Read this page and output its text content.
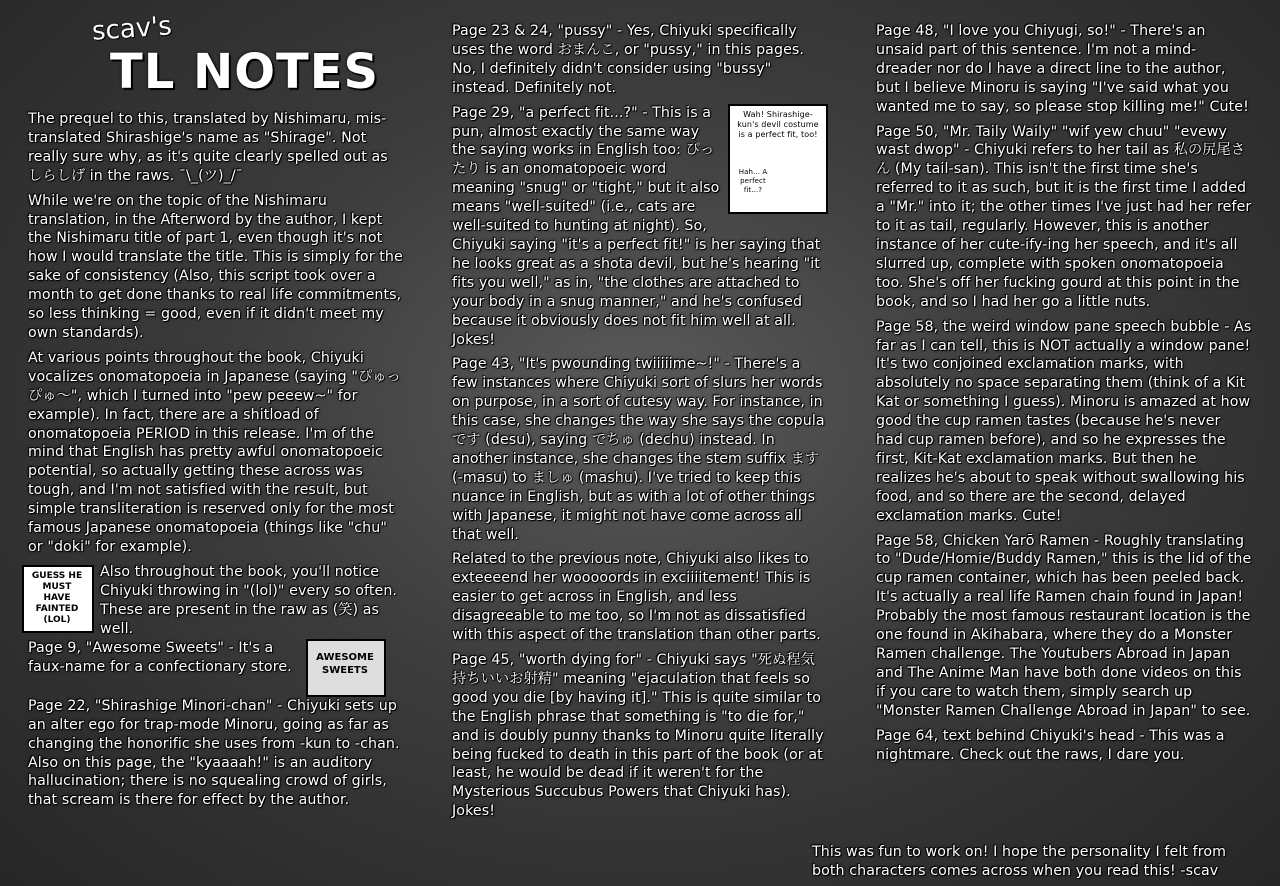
scav's
TL NOTES

The prequel to this, translated by Nishimaru, mis-translated Shirashige's name as "Shirage". Not really sure why, as it's quite clearly spelled out as しらしげ in the raws. ¯\_(ツ)_/¯

While we're on the topic of the Nishimaru translation, in the Afterword by the author, I kept the Nishimaru title of part 1, even though it's not how I would translate the title. This is simply for the sake of consistency (Also, this script took over a month to get done thanks to real life commitments, so less thinking = good, even if it didn't meet my own standards).

At various points throughout the book, Chiyuki vocalizes onomatopoeia in Japanese (saying "ぴゅっぴゅ〜", which I turned into "pew peeew~" for example). In fact, there are a shitload of onomatopoeia PERIOD in this release. I'm of the mind that English has pretty awful onomatopoeic potential, so actually getting these across was tough, and I'm not satisfied with the result, but simple transliteration is reserved only for the most famous Japanese onomatopoeia (things like "chu" or "doki" for example).

GUESS HE MUST HAVE FAINTED (LOL)

Also throughout the book, you'll notice Chiyuki throwing in "(lol)" every so often. These are present in the raw as (笑) as well.

AWESOME SWEETS

Page 9, "Awesome Sweets" - It's a faux-name for a confectionary store.

Page 22, "Shirashige Minori-chan" - Chiyuki sets up an alter ego for trap-mode Minoru, going as far as changing the honorific she uses from -kun to -chan. Also on this page, the "kyaaaah!" is an auditory hallucination; there is no squealing crowd of girls, that scream is there for effect by the author.

Page 23 & 24, "pussy" - Yes, Chiyuki specifically uses the word おまんこ, or "pussy," in this pages. No, I definitely didn't consider using "bussy" instead. Definitely not.

Wah! Shirashige-kun's devil costume is a perfect fit, too!
Hah... A perfect fit...?
Page 29, "a perfect fit...?" - This is a pun, almost exactly the same way the saying works in English too: ぴったり is an onomatopoeic word meaning "snug" or "tight," but it also means "well-suited" (i.e., cats are well-suited to hunting at night). So, Chiyuki saying "it's a perfect fit!" is her saying that he looks great as a shota devil, but he's hearing "it fits you well," as in, "the clothes are attached to your body in a snug manner," and he's confused because it obviously does not fit him well at all. Jokes!

Page 43, "It's pwounding twiiiiime~!" - There's a few instances where Chiyuki sort of slurs her words on purpose, in a sort of cutesy way. For instance, in this case, she changes the way she says the copula です (desu), saying でちゅ (dechu) instead. In another instance, she changes the stem suffix ます (-masu) to ましゅ (mashu). I've tried to keep this nuance in English, but as with a lot of other things with Japanese, it might not have come across all that well.

Related to the previous note, Chiyuki also likes to exteeeend her wooooords in exciiiitement! This is easier to get across in English, and less disagreeable to me too, so I'm not as dissatisfied with this aspect of the translation than other parts.

Page 45, "worth dying for" - Chiyuki says "死ぬ程気持ちいいお射精" meaning "ejaculation that feels so good you die [by having it]." This is quite similar to the English phrase that something is "to die for," and is doubly punny thanks to Minoru quite literally being fucked to death in this part of the book (or at least, he would be dead if it weren't for the Mysterious Succubus Powers that Chiyuki has). Jokes!

Page 48, "I love you Chiyugi, so!" - There's an unsaid part of this sentence. I'm not a mind-dreader nor do I have a direct line to the author, but I believe Minoru is saying "I've said what you wanted me to say, so please stop killing me!" Cute!

Page 50, "Mr. Taily Waily" "wif yew chuu" "evewy wast dwop" - Chiyuki refers to her tail as 私の尻尾さん (My tail-san). This isn't the first time she's referred to it as such, but it is the first time I added a "Mr." into it; the other times I've just had her refer to it as tail, regularly. However, this is another instance of her cute-ify-ing her speech, and it's all slurred up, complete with spoken onomatopoeia too. She's off her fucking gourd at this point in the book, and so I had her go a little nuts.

Page 58, the weird window pane speech bubble - As far as I can tell, this is NOT actually a window pane! It's two conjoined exclamation marks, with absolutely no space separating them (think of a Kit Kat or something I guess). Minoru is amazed at how good the cup ramen tastes (because he's never had cup ramen before), and so he expresses the first, Kit-Kat exclamation marks. But then he realizes he's about to speak without swallowing his food, and so there are the second, delayed exclamation marks. Cute!

Page 58, Chicken Yarō Ramen - Roughly translating to "Dude/Homie/Buddy Ramen," this is the lid of the cup ramen container, which has been peeled back. It's actually a real life Ramen chain found in Japan! Probably the most famous restaurant location is the one found in Akihabara, where they do a Monster Ramen challenge. The Youtubers Abroad in Japan and The Anime Man have both done videos on this if you care to watch them, simply search up "Monster Ramen Challenge Abroad in Japan" to see.

Page 64, text behind Chiyuki's head - This was a nightmare. Check out the raws, I dare you.

This was fun to work on! I hope the personality I felt from both characters comes across when you read this! -scav
